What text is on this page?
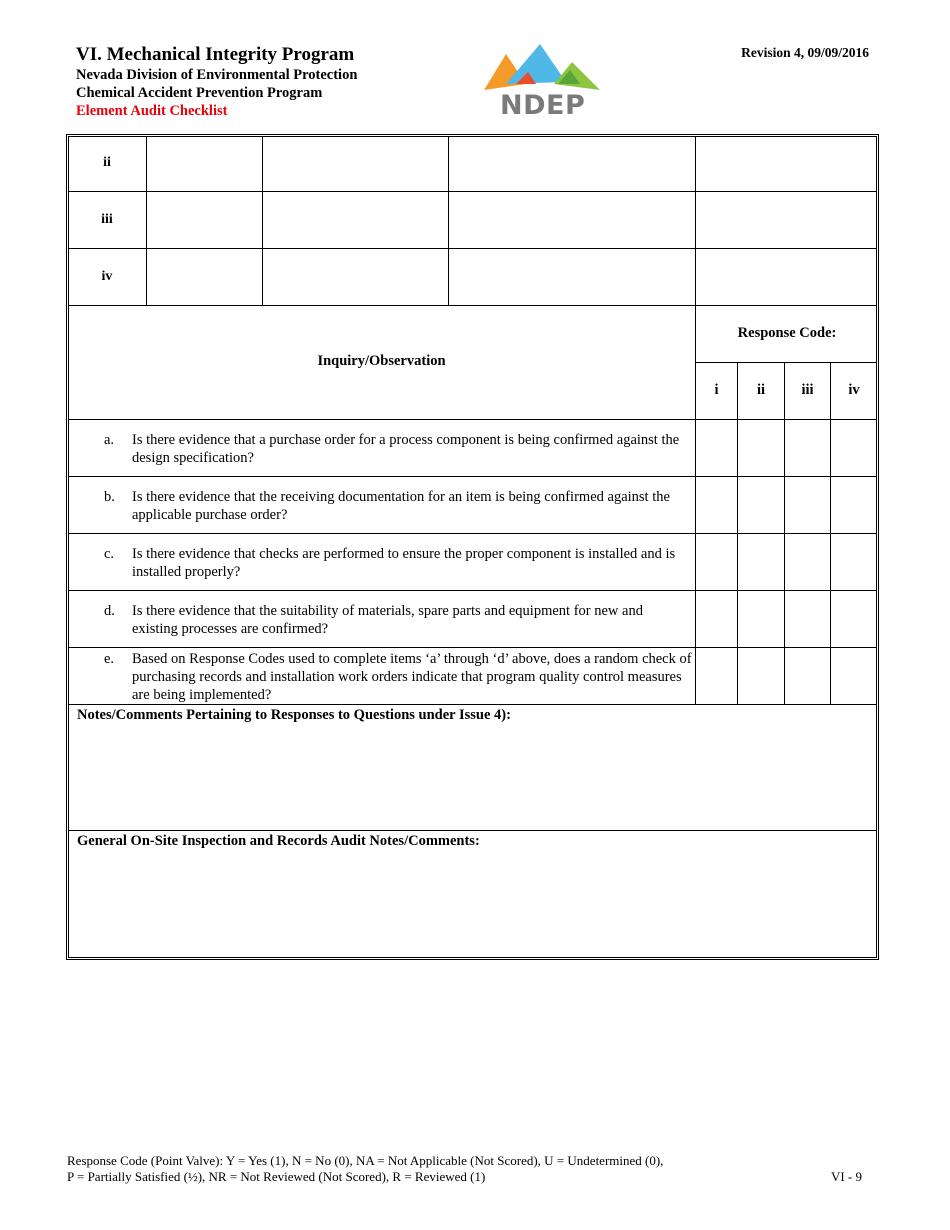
VI. Mechanical Integrity Program
Nevada Division of Environmental Protection
Chemical Accident Prevention Program
Element Audit Checklist	NDEP
Revision 4, 09/09/2016
ii
iii
iv
Inquiry/Observation
Response Code:
i	ii	iii	iv
a. Is there evidence that a purchase order for a process component is being confirmed against the design specification?
b. Is there evidence that the receiving documentation for an item is being confirmed against the applicable purchase order?
c. Is there evidence that checks are performed to ensure the proper component is installed and is installed properly?
d. Is there evidence that the suitability of materials, spare parts and equipment for new and existing processes are confirmed?
e. Based on Response Codes used to complete items ‘a’ through ‘d’ above, does a random check of purchasing records and installation work orders indicate that program quality control measures are being implemented?
Notes/Comments Pertaining to Responses to Questions under Issue 4):
General On-Site Inspection and Records Audit Notes/Comments:
Response Code (Point Valve): Y = Yes (1), N = No (0), NA = Not Applicable (Not Scored), U = Undetermined (0),
P = Partially Satisfied (½), NR = Not Reviewed (Not Scored), R = Reviewed (1)	VI - 9
